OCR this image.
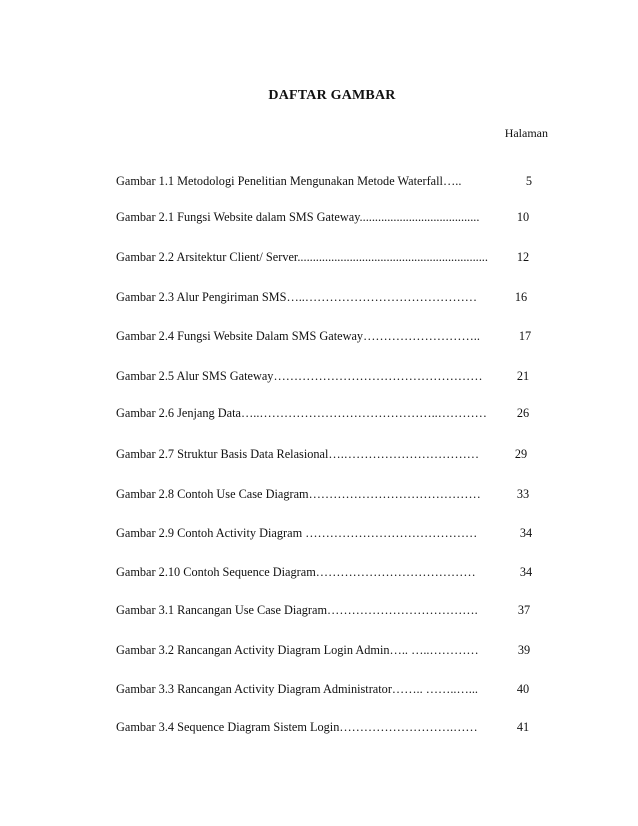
DAFTAR GAMBAR
Halaman
Gambar 1.1 Metodologi Penelitian Mengunakan Metode Waterfall…..	5
Gambar 2.1 Fungsi Website dalam SMS Gateway.......................................	10
Gambar 2.2 Arsitektur Client/ Server..............................................................	12
Gambar 2.3 Alur Pengiriman SMS…..……………………………………	16
Gambar 2.4 Fungsi Website Dalam SMS Gateway………………………..	17
Gambar 2.5 Alur SMS Gateway……………………………………………	21
Gambar 2.6 Jenjang Data…..……………………………………..…………	26
Gambar 2.7 Struktur Basis Data Relasional….……………………………	29
Gambar 2.8 Contoh Use Case Diagram……………………………………	33
Gambar 2.9 Contoh Activity Diagram ……………………………………	34
Gambar 2.10 Contoh Sequence Diagram…………………………………	34
Gambar 3.1 Rancangan Use Case Diagram……………………………….	37
Gambar 3.2 Rancangan Activity Diagram Login Admin….. …..…………	39
Gambar 3.3 Rancangan Activity Diagram Administrator…….. ……..…...	40
Gambar 3.4 Sequence Diagram Sistem Login……………………….……	41
